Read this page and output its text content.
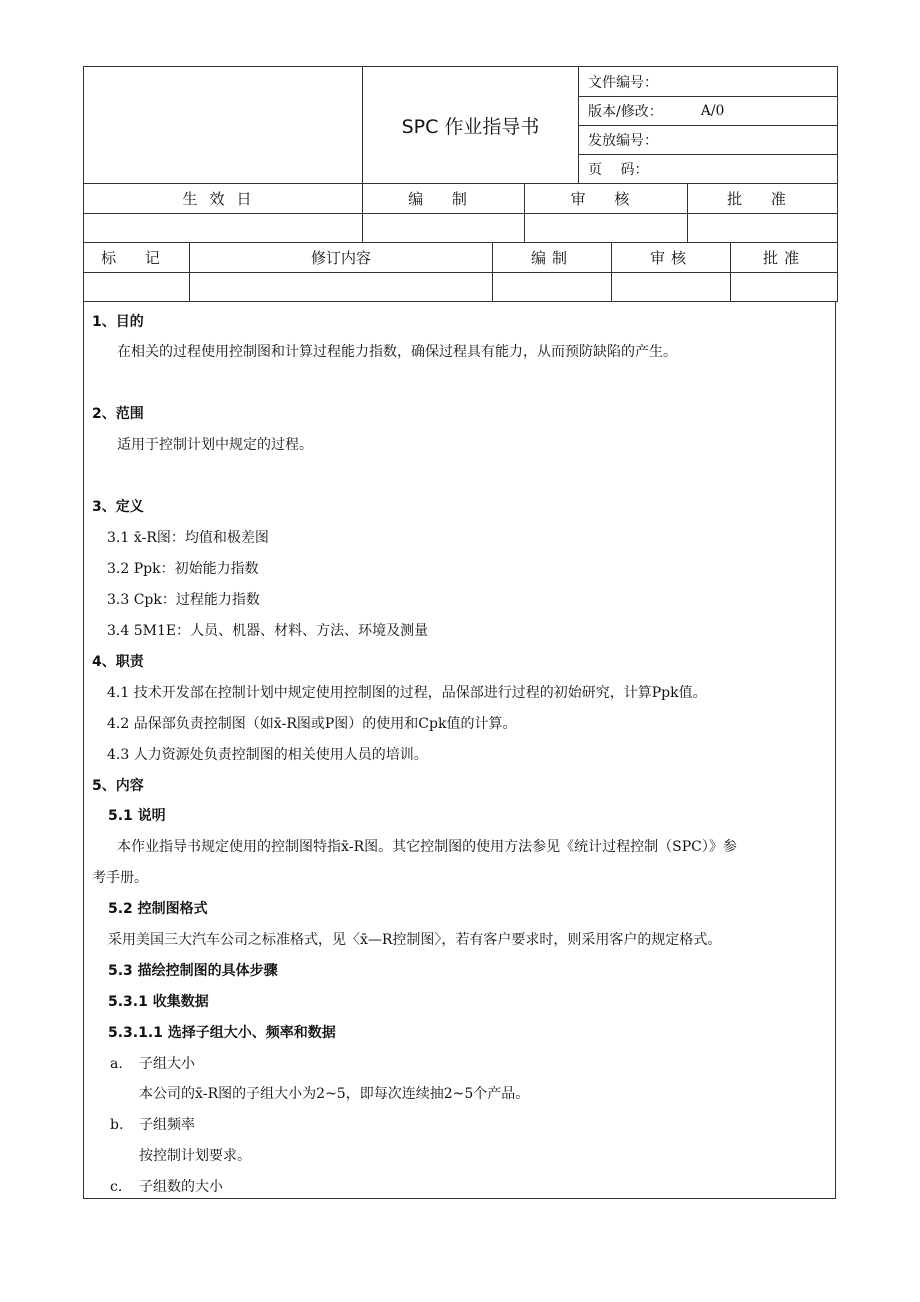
SPC 作业指导书
文件编号：
版本/修改：	A/0
发放编号：
页　 码：
生效日	编 制	审 核	批 准
标 记	修订内容	编制	审核	批准
1、目的
在相关的过程使用控制图和计算过程能力指数，确保过程具有能力，从而预防缺陷的产生。
2、范围
适用于控制计划中规定的过程。
3、定义
3.1 x̄-R图：均值和极差图
3.2 Ppk：初始能力指数
3.3 Cpk：过程能力指数
3.4 5M1E：人员、机器、材料、方法、环境及测量
4、职责
4.1 技术开发部在控制计划中规定使用控制图的过程，品保部进行过程的初始研究，计算Ppk值。
4.2 品保部负责控制图（如x̄-R图或P图）的使用和Cpk值的计算。
4.3 人力资源处负责控制图的相关使用人员的培训。
5、内容
5.1 说明
本作业指导书规定使用的控制图特指x̄-R图。其它控制图的使用方法参见《统计过程控制（SPC）》参
考手册。
5.2 控制图格式
采用美国三大汽车公司之标准格式，见〈x̄—R控制图〉，若有客户要求时，则采用客户的规定格式。
5.3 描绘控制图的具体步骤
5.3.1 收集数据
5.3.1.1 选择子组大小、频率和数据
a. 子组大小
本公司的x̄-R图的子组大小为2~5，即每次连续抽2~5个产品。
b. 子组频率
按控制计划要求。
c. 子组数的大小
